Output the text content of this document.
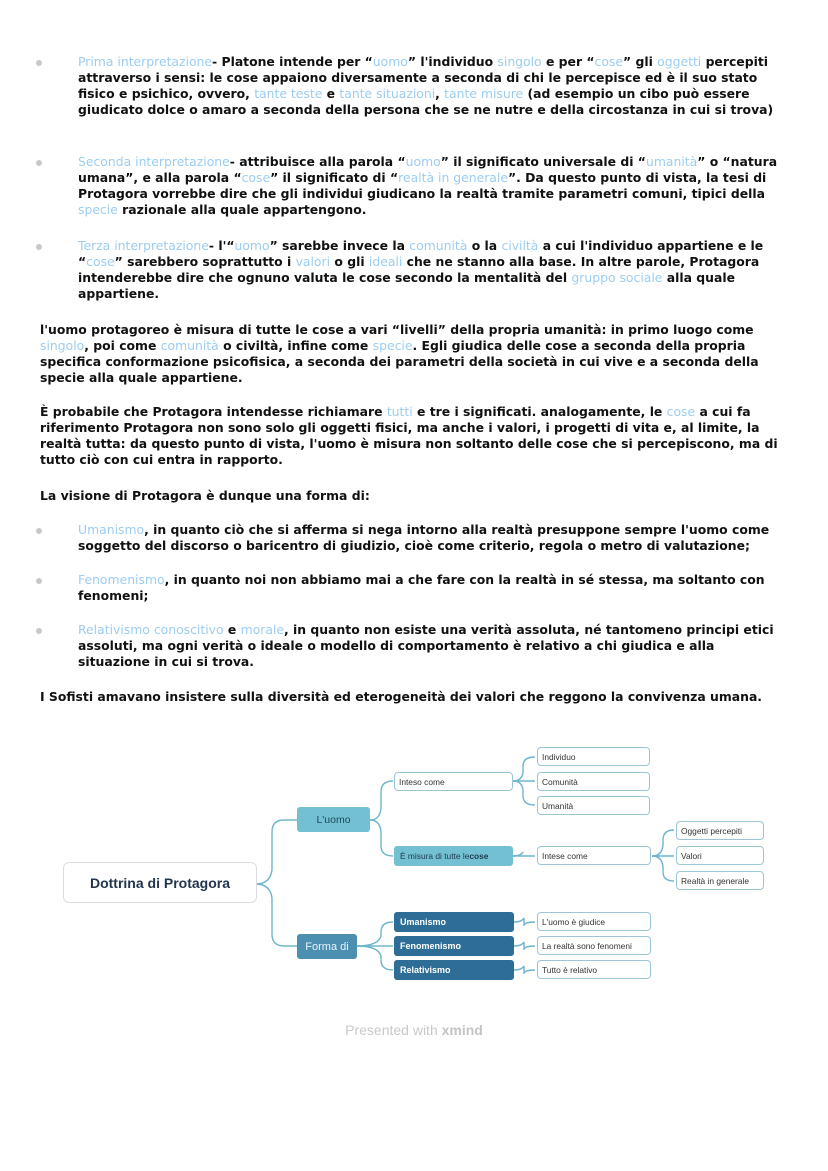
Prima interpretazione- Platone intende per “uomo” l'individuo singolo e per “cose” gli oggetti percepiti attraverso i sensi: le cose appaiono diversamente a seconda di chi le percepisce ed è il suo stato fisico e psichico, ovvero, tante teste e tante situazioni, tante misure (ad esempio un cibo può essere giudicato dolce o amaro a seconda della persona che se ne nutre e della circostanza in cui si trova)
Seconda interpretazione- attribuisce alla parola “uomo” il significato universale di “umanità” o “natura umana”, e alla parola “cose” il significato di “realtà in generale”. Da questo punto di vista, la tesi di Protagora vorrebbe dire che gli individui giudicano la realtà tramite parametri comuni, tipici della specie razionale alla quale appartengono.
Terza interpretazione- l'“uomo” sarebbe invece la comunità o la civiltà a cui l'individuo appartiene e le “cose” sarebbero soprattutto i valori o gli ideali che ne stanno alla base. In altre parole, Protagora intenderebbe dire che ognuno valuta le cose secondo la mentalità del gruppo sociale alla quale appartiene.
l'uomo protagoreo è misura di tutte le cose a vari “livelli” della propria umanità: in primo luogo come singolo, poi come comunità o civiltà, infine come specie. Egli giudica delle cose a seconda della propria specifica conformazione psicofisica, a seconda dei parametri della società in cui vive e a seconda della specie alla quale appartiene.
È probabile che Protagora intendesse richiamare tutti e tre i significati. analogamente, le cose a cui fa riferimento Protagora non sono solo gli oggetti fisici, ma anche i valori, i progetti di vita e, al limite, la realtà tutta: da questo punto di vista, l'uomo è misura non soltanto delle cose che si percepiscono, ma di tutto ciò con cui entra in rapporto.
La visione di Protagora è dunque una forma di:
Umanismo, in quanto ciò che si afferma si nega intorno alla realtà presuppone sempre l'uomo come soggetto del discorso o baricentro di giudizio, cioè come criterio, regola o metro di valutazione;
Fenomenismo, in quanto noi non abbiamo mai a che fare con la realtà in sé stessa, ma soltanto con fenomeni;
Relativismo conoscitivo e morale, in quanto non esiste una verità assoluta, né tantomeno principi etici assoluti, ma ogni verità o ideale o modello di comportamento è relativo a chi giudica e alla situazione in cui si trova.
I Sofisti amavano insistere sulla diversità ed eterogeneità dei valori che reggono la convivenza umana.
Dottrina di Protagora
L'uomo
Forma di
Inteso come
È misura di tutte le cose
Individuo
Comunità
Umanità
Intese come
Oggetti percepiti
Valori
Realtà in generale
Umanismo
Fenomenismo
Relativismo
L'uomo è giudice
La realtà sono fenomeni
Tutto è relativo
Presented with xmind
